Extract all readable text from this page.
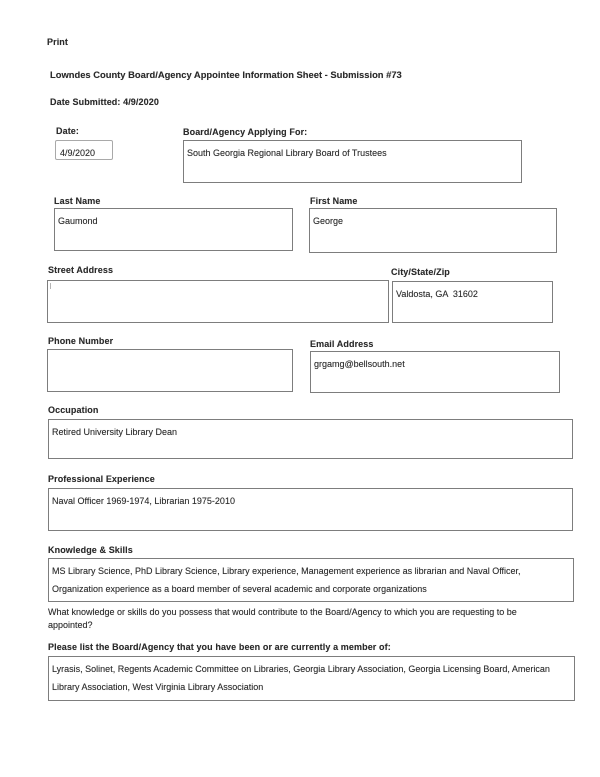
Print
Lowndes County Board/Agency Appointee Information Sheet - Submission #73
Date Submitted: 4/9/2020
Date:
4/9/2020
Board/Agency Applying For:
South Georgia Regional Library Board of Trustees
Last Name
Gaumond
First Name
George
Street Address	City/State/Zip
Valdosta, GA  31602
Phone Number	Email Address
grgamg@bellsouth.net
Occupation
Retired University Library Dean
Professional Experience
Naval Officer 1969-1974, Librarian 1975-2010
Knowledge & Skills
MS Library Science, PhD Library Science, Library experience, Management experience as librarian and Naval Officer, Organization experience as a board member of several academic and corporate organizations
What knowledge or skills do you possess that would contribute to the Board/Agency to which you are requesting to be appointed?
Please list the Board/Agency that you have been or are currently a member of:
Lyrasis, Solinet, Regents Academic Committee on Libraries, Georgia Library Association, Georgia Licensing Board, American Library Association, West Virginia Library Association
